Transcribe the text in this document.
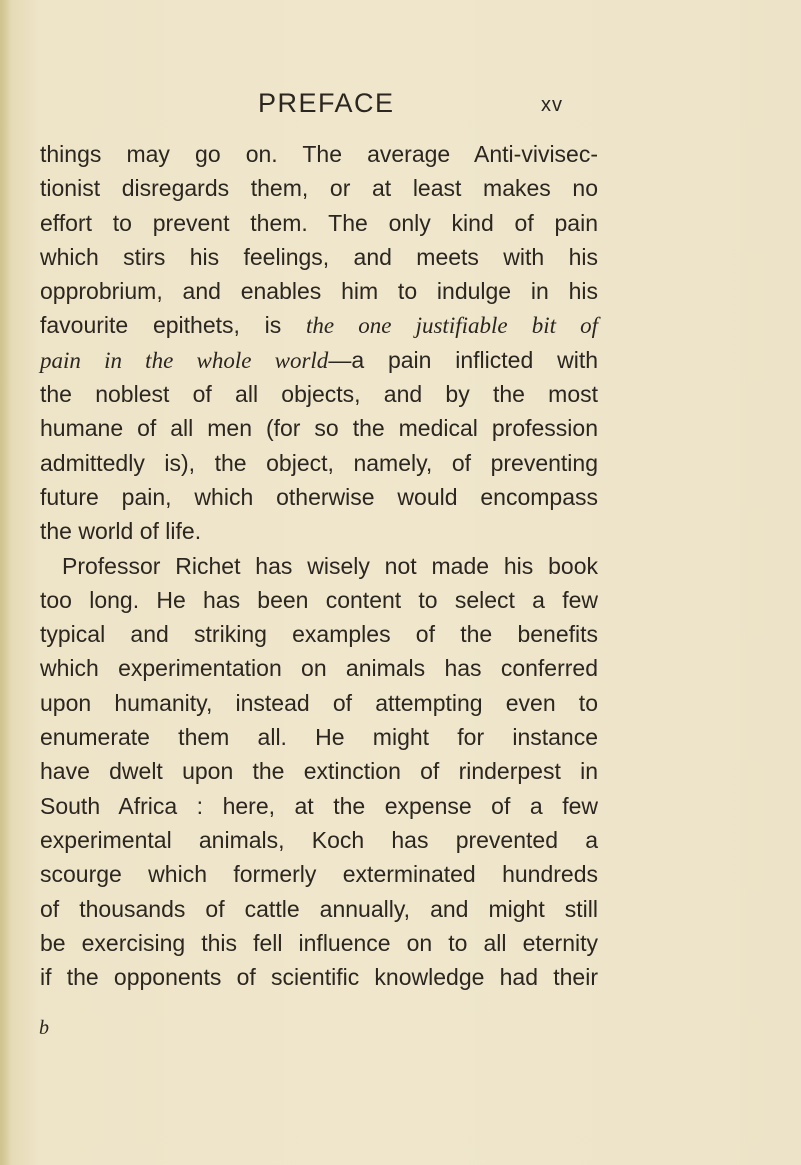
PREFACE	xv
things may go on. The average Anti-vivisec-
tionist disregards them, or at least makes no
effort to prevent them. The only kind of pain
which stirs his feelings, and meets with his
opprobrium, and enables him to indulge in his
favourite epithets, is the one justifiable bit of
pain in the whole world—a pain inflicted with
the noblest of all objects, and by the most
humane of all men (for so the medical profession
admittedly is), the object, namely, of preventing
future pain, which otherwise would encompass
the world of life.
Professor Richet has wisely not made his book
too long. He has been content to select a few
typical and striking examples of the benefits
which experimentation on animals has conferred
upon humanity, instead of attempting even to
enumerate them all. He might for instance
have dwelt upon the extinction of rinderpest in
South Africa : here, at the expense of a few
experimental animals, Koch has prevented a
scourge which formerly exterminated hundreds
of thousands of cattle annually, and might still
be exercising this fell influence on to all eternity
if the opponents of scientific knowledge had their
b
